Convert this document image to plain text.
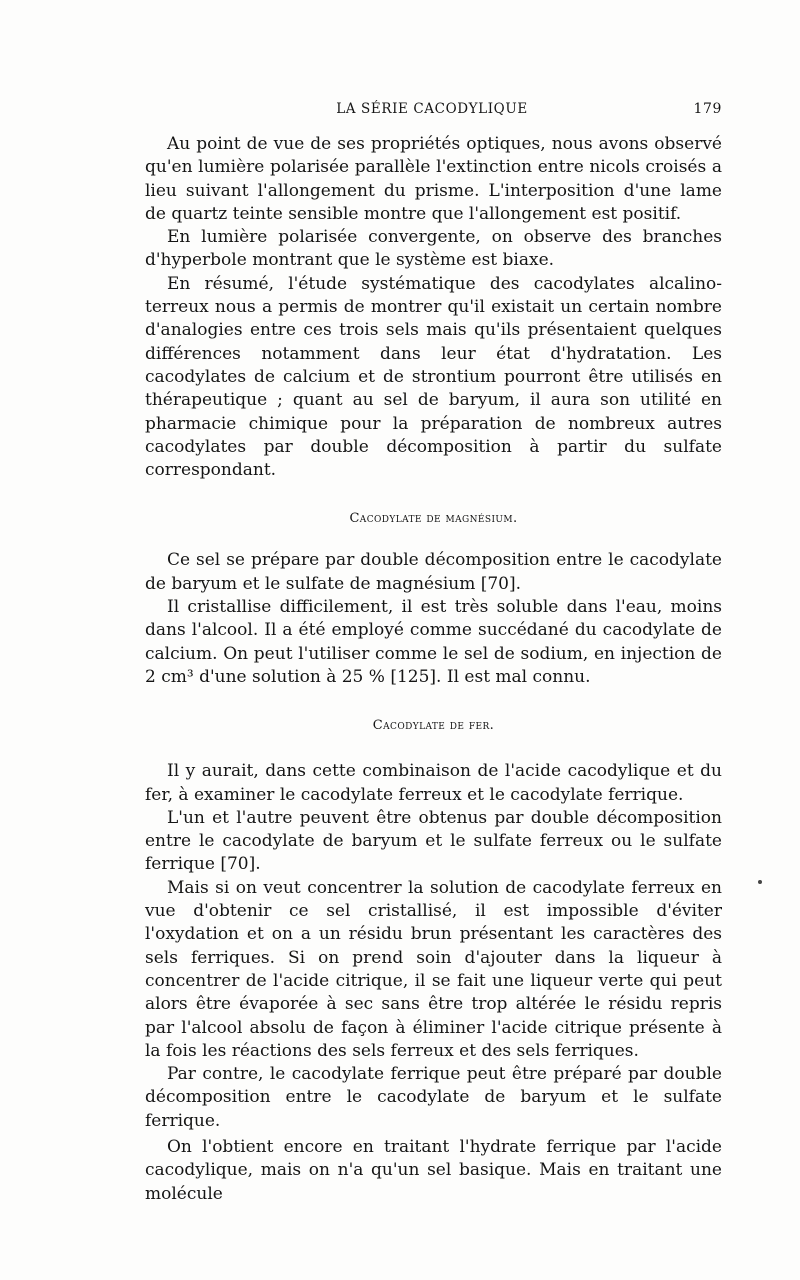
LA SÉRIE CACODYLIQUE	179

Au point de vue de ses propriétés optiques, nous avons observé qu'en lumière polarisée parallèle l'extinction entre nicols croisés a lieu suivant l'allongement du prisme. L'interposition d'une lame de quartz teinte sensible montre que l'allongement est positif.

En lumière polarisée convergente, on observe des branches d'hyperbole montrant que le système est biaxe.

En résumé, l'étude systématique des cacodylates alcalino-terreux nous a permis de montrer qu'il existait un certain nombre d'analogies entre ces trois sels mais qu'ils présentaient quelques différences notamment dans leur état d'hydratation. Les cacodylates de calcium et de strontium pourront être utilisés en thérapeutique ; quant au sel de baryum, il aura son utilité en pharmacie chimique pour la préparation de nombreux autres cacodylates par double décomposition à partir du sulfate correspondant.

Cacodylate de magnésium.

Ce sel se prépare par double décomposition entre le cacodylate de baryum et le sulfate de magnésium [70].

Il cristallise difficilement, il est très soluble dans l'eau, moins dans l'alcool. Il a été employé comme succédané du cacodylate de calcium. On peut l'utiliser comme le sel de sodium, en injection de 2 cm³ d'une solution à 25 % [125]. Il est mal connu.

Cacodylate de fer.

Il y aurait, dans cette combinaison de l'acide cacodylique et du fer, à examiner le cacodylate ferreux et le cacodylate ferrique.

L'un et l'autre peuvent être obtenus par double décomposition entre le cacodylate de baryum et le sulfate ferreux ou le sulfate ferrique [70].

Mais si on veut concentrer la solution de cacodylate ferreux en vue d'obtenir ce sel cristallisé, il est impossible d'éviter l'oxydation et on a un résidu brun présentant les caractères des sels ferriques. Si on prend soin d'ajouter dans la liqueur à concentrer de l'acide citrique, il se fait une liqueur verte qui peut alors être évaporée à sec sans être trop altérée le résidu repris par l'alcool absolu de façon à éliminer l'acide citrique présente à la fois les réactions des sels ferreux et des sels ferriques.

Par contre, le cacodylate ferrique peut être préparé par double décomposition entre le cacodylate de baryum et le sulfate ferrique.

On l'obtient encore en traitant l'hydrate ferrique par l'acide cacodylique, mais on n'a qu'un sel basique. Mais en traitant une molécule
